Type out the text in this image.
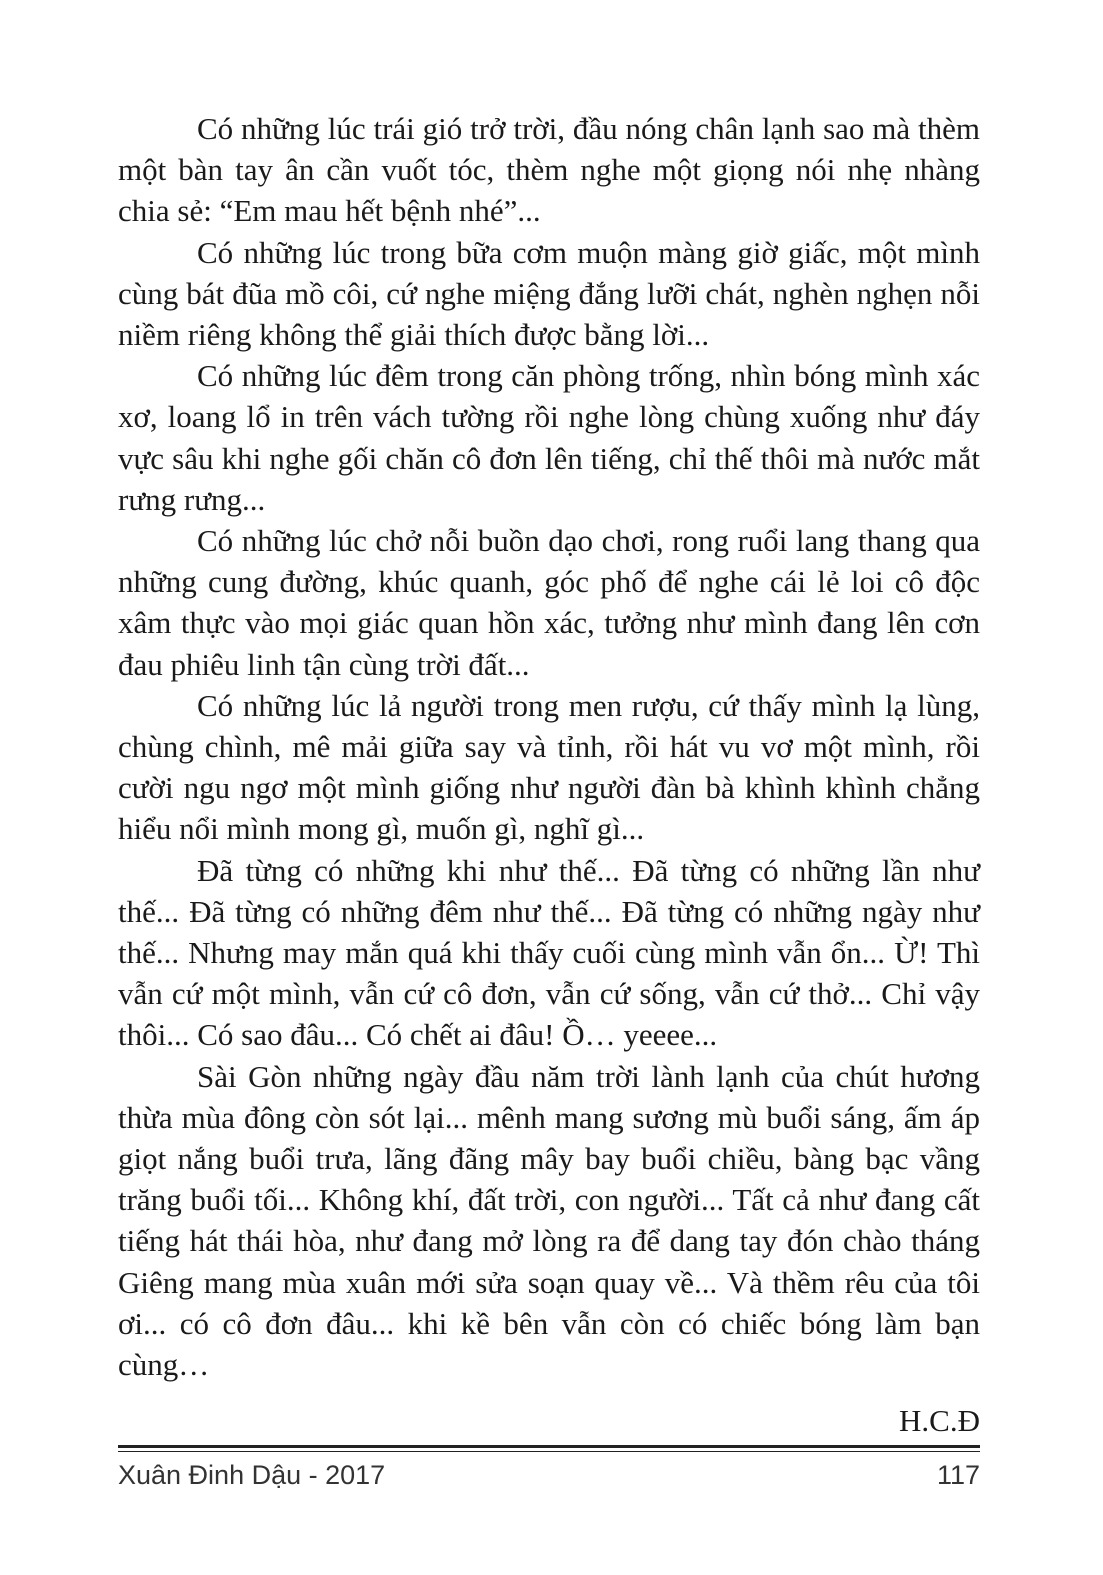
Có những lúc trái gió trở trời, đầu nóng chân lạnh sao mà thèm một bàn tay ân cần vuốt tóc, thèm nghe một giọng nói nhẹ nhàng chia sẻ: “Em mau hết bệnh nhé”...

Có những lúc trong bữa cơm muộn màng giờ giấc, một mình cùng bát đũa mồ côi, cứ nghe miệng đắng lưỡi chát, nghèn nghẹn nỗi niềm riêng không thể giải thích được bằng lời...

Có những lúc đêm trong căn phòng trống, nhìn bóng mình xác xơ, loang lổ in trên vách tường rồi nghe lòng chùng xuống như đáy vực sâu khi nghe gối chăn cô đơn lên tiếng, chỉ thế thôi mà nước mắt rưng rưng...

Có những lúc chở nỗi buồn dạo chơi, rong ruổi lang thang qua những cung đường, khúc quanh, góc phố để nghe cái lẻ loi cô độc xâm thực vào mọi giác quan hồn xác, tưởng như mình đang lên cơn đau phiêu linh tận cùng trời đất...

Có những lúc lả người trong men rượu, cứ thấy mình lạ lùng, chùng chình, mê mải giữa say và tỉnh, rồi hát vu vơ một mình, rồi cười ngu ngơ một mình giống như người đàn bà khình khình chẳng hiểu nổi mình mong gì, muốn gì, nghĩ gì...

Đã từng có những khi như thế... Đã từng có những lần như thế... Đã từng có những đêm như thế... Đã từng có những ngày như thế... Nhưng may mắn quá khi thấy cuối cùng mình vẫn ổn... Ừ! Thì vẫn cứ một mình, vẫn cứ cô đơn, vẫn cứ sống, vẫn cứ thở... Chỉ vậy thôi... Có sao đâu... Có chết ai đâu! Ồ… yeeee...

Sài Gòn những ngày đầu năm trời lành lạnh của chút hương thừa mùa đông còn sót lại... mênh mang sương mù buổi sáng, ấm áp giọt nắng buổi trưa, lãng đãng mây bay buổi chiều, bàng bạc vầng trăng buổi tối... Không khí, đất trời, con người... Tất cả như đang cất tiếng hát thái hòa, như đang mở lòng ra để dang tay đón chào tháng Giêng mang mùa xuân mới sửa soạn quay về... Và thềm rêu của tôi ơi... có cô đơn đâu... khi kề bên vẫn còn có chiếc bóng làm bạn cùng…

H.C.Đ
Xuân Đinh Dậu - 2017	117
